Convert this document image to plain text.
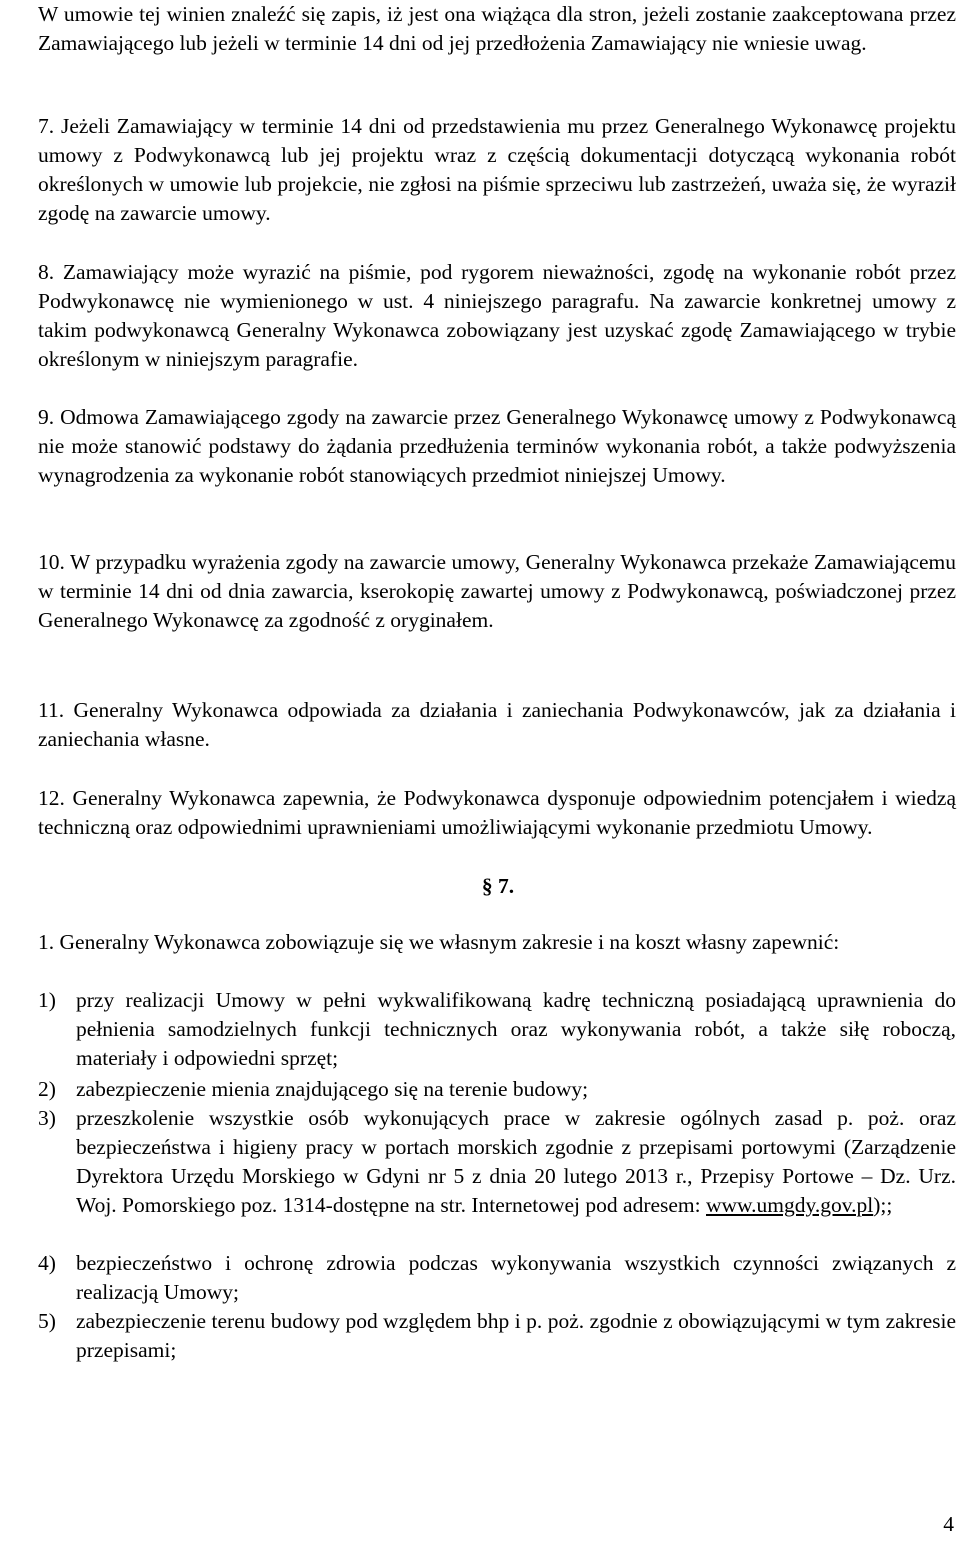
W umowie tej winien znaleźć się zapis, iż jest ona wiążąca dla stron, jeżeli zostanie zaakceptowana przez Zamawiającego lub jeżeli w terminie 14 dni od jej przedłożenia Zamawiający nie wniesie uwag.

7. Jeżeli Zamawiający w terminie 14 dni od przedstawienia mu przez Generalnego Wykonawcę projektu umowy z Podwykonawcą lub jej projektu wraz z częścią dokumentacji dotyczącą wykonania robót określonych w umowie lub projekcie, nie zgłosi na piśmie sprzeciwu lub zastrzeżeń, uważa się, że wyraził zgodę na zawarcie umowy.

8. Zamawiający może wyrazić na piśmie, pod rygorem nieważności, zgodę na wykonanie robót przez Podwykonawcę nie wymienionego w ust. 4 niniejszego paragrafu. Na zawarcie konkretnej umowy z takim podwykonawcą Generalny Wykonawca zobowiązany jest uzyskać zgodę Zamawiającego w trybie określonym w niniejszym paragrafie.

9. Odmowa Zamawiającego zgody na zawarcie przez Generalnego Wykonawcę umowy z Podwykonawcą nie może stanowić podstawy do żądania przedłużenia terminów wykonania robót, a także podwyższenia wynagrodzenia za wykonanie robót stanowiących przedmiot niniejszej Umowy.

10. W przypadku wyrażenia zgody na zawarcie umowy, Generalny Wykonawca przekaże Zamawiającemu w terminie 14 dni od dnia zawarcia, kserokopię zawartej umowy z Podwykonawcą, poświadczonej przez Generalnego Wykonawcę za zgodność z oryginałem.

11. Generalny Wykonawca odpowiada za działania i zaniechania Podwykonawców, jak za działania i zaniechania własne.

12. Generalny Wykonawca zapewnia, że Podwykonawca dysponuje odpowiednim potencjałem i wiedzą techniczną oraz odpowiednimi uprawnieniami umożliwiającymi wykonanie przedmiotu Umowy.

§ 7.

1. Generalny Wykonawca zobowiązuje się we własnym zakresie i na koszt własny zapewnić:

1) przy realizacji Umowy w pełni wykwalifikowaną kadrę techniczną posiadającą uprawnienia do pełnienia samodzielnych funkcji technicznych oraz wykonywania robót, a także siłę roboczą, materiały i odpowiedni sprzęt;
2) zabezpieczenie mienia znajdującego się na terenie budowy;
3) przeszkolenie wszystkie osób wykonujących prace w zakresie ogólnych zasad p. poż. oraz bezpieczeństwa i higieny pracy w portach morskich zgodnie z przepisami portowymi (Zarządzenie Dyrektora Urzędu Morskiego w Gdyni nr 5 z dnia 20 lutego 2013 r., Przepisy Portowe – Dz. Urz. Woj. Pomorskiego poz. 1314-dostępne na str. Internetowej pod adresem: www.umgdy.gov.pl);;
4) bezpieczeństwo i ochronę zdrowia podczas wykonywania wszystkich czynności związanych z realizacją Umowy;
5) zabezpieczenie terenu budowy pod względem bhp i p. poż. zgodnie z obowiązującymi w tym zakresie przepisami;
4
